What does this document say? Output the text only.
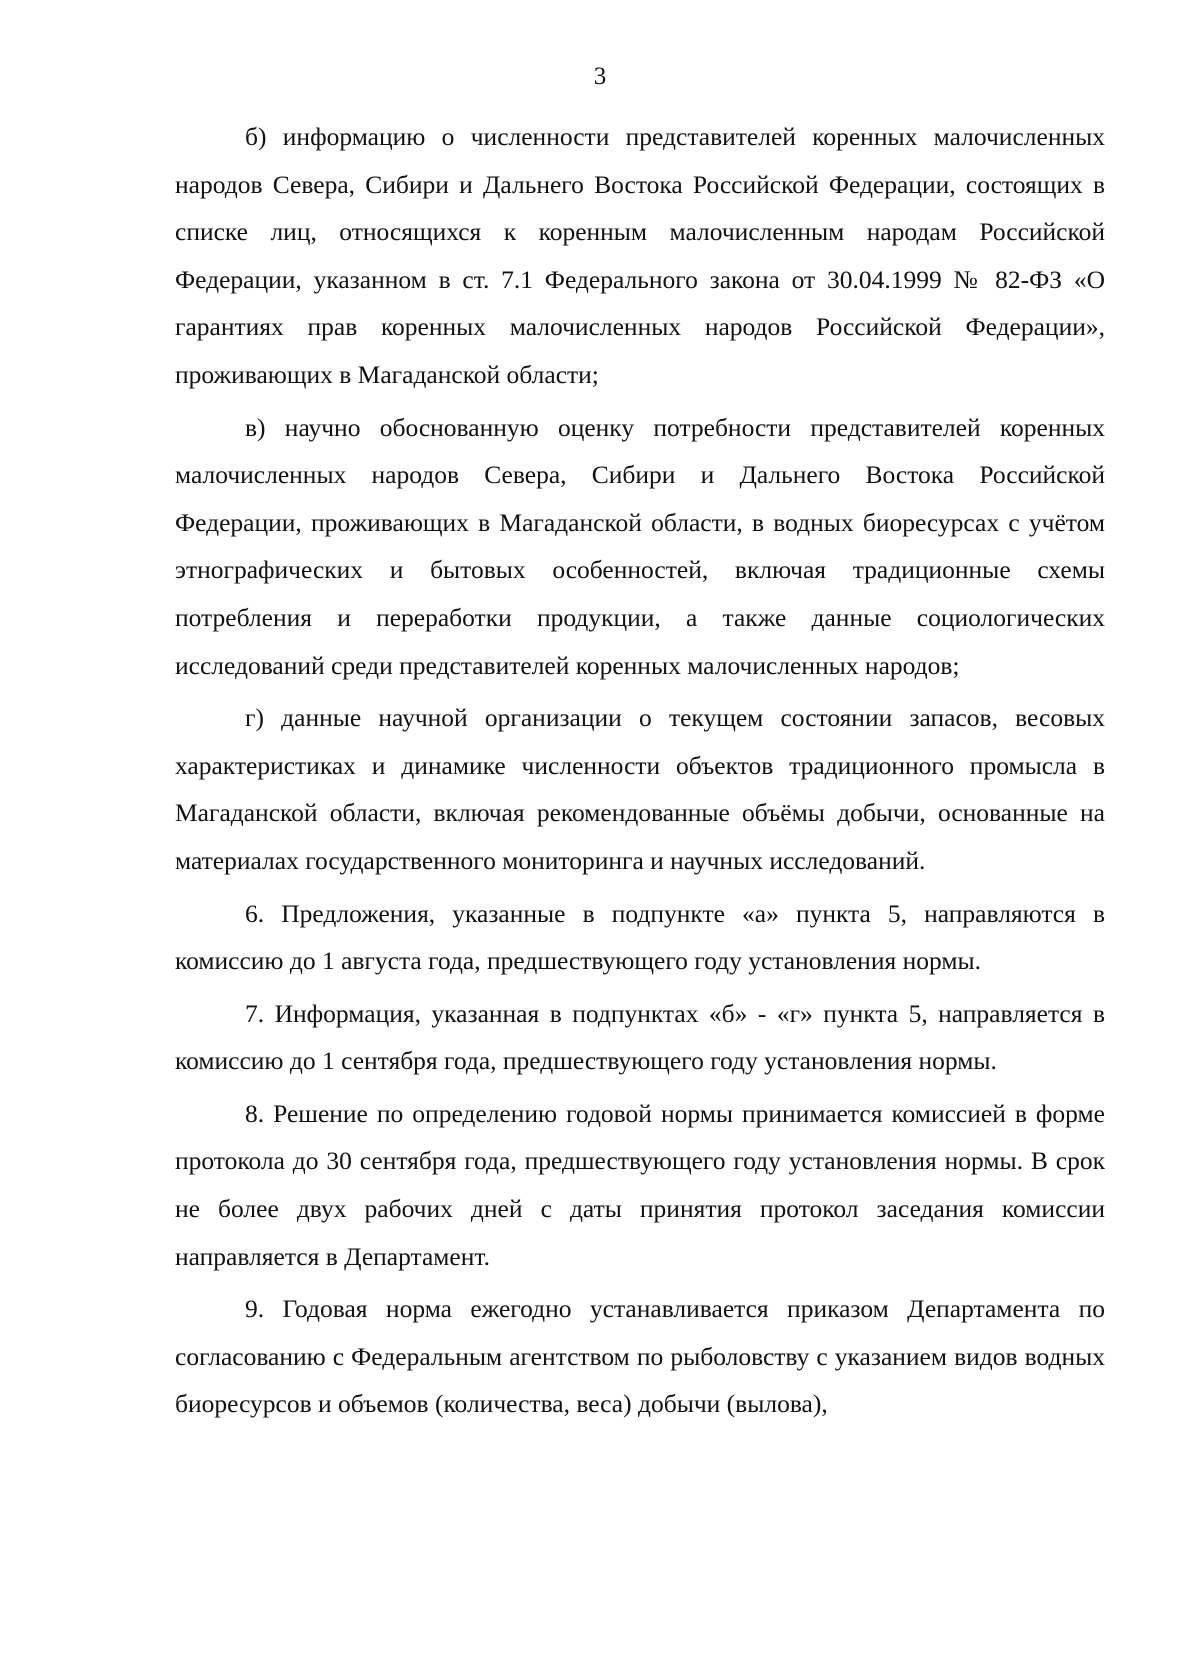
3

б) информацию о численности представителей коренных малочисленных народов Севера, Сибири и Дальнего Востока Российской Федерации, состоящих в списке лиц, относящихся к коренным малочисленным народам Российской Федерации, указанном в ст. 7.1 Федерального закона от 30.04.1999 № 82-ФЗ «О гарантиях прав коренных малочисленных народов Российской Федерации», проживающих в Магаданской области;

в) научно обоснованную оценку потребности представителей коренных малочисленных народов Севера, Сибири и Дальнего Востока Российской Федерации, проживающих в Магаданской области, в водных биоресурсах с учётом этнографических и бытовых особенностей, включая традиционные схемы потребления и переработки продукции, а также данные социологических исследований среди представителей коренных малочисленных народов;

г) данные научной организации о текущем состоянии запасов, весовых характеристиках и динамике численности объектов традиционного промысла в Магаданской области, включая рекомендованные объёмы добычи, основанные на материалах государственного мониторинга и научных исследований.

6. Предложения, указанные в подпункте «а» пункта 5, направляются в комиссию до 1 августа года, предшествующего году установления нормы.

7. Информация, указанная в подпунктах «б» - «г» пункта 5, направляется в комиссию до 1 сентября года, предшествующего году установления нормы.

8. Решение по определению годовой нормы принимается комиссией в форме протокола до 30 сентября года, предшествующего году установления нормы. В срок не более двух рабочих дней с даты принятия протокол заседания комиссии направляется в Департамент.

9. Годовая норма ежегодно устанавливается приказом Департамента по согласованию с Федеральным агентством по рыболовству с указанием видов водных биоресурсов и объемов (количества, веса) добычи (вылова),
